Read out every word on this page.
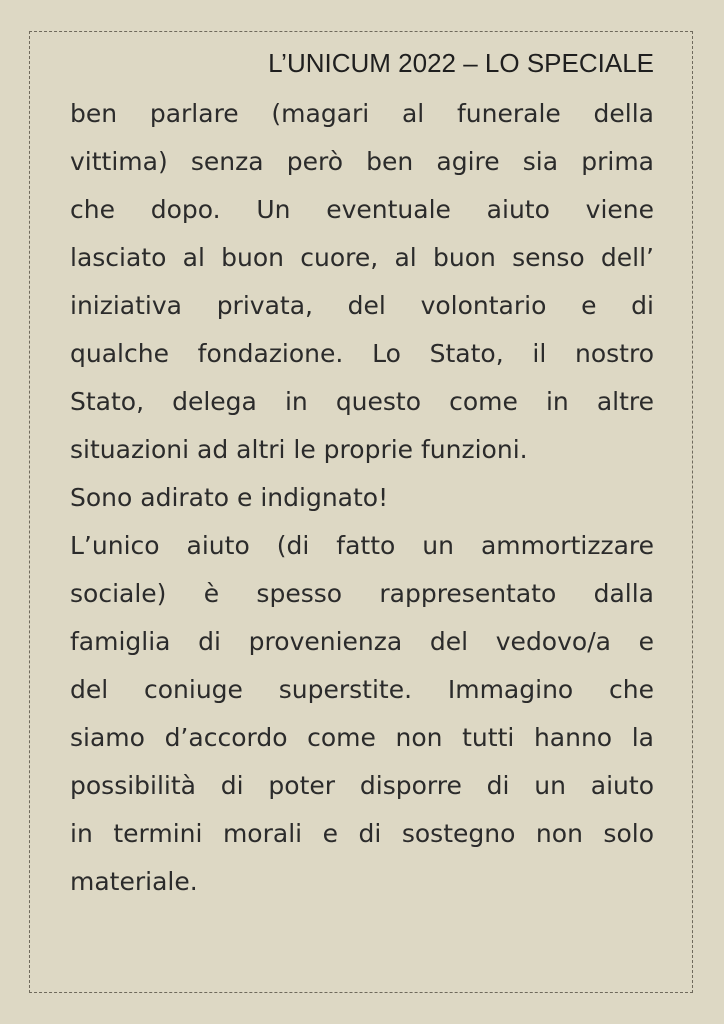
L’UNICUM 2022 – LO SPECIALE
ben parlare (magari al funerale della
vittima) senza però ben agire sia prima
che dopo. Un eventuale aiuto viene
lasciato al buon cuore, al buon senso dell’
iniziativa privata, del volontario e di
qualche fondazione. Lo Stato, il nostro
Stato, delega in questo come in altre
situazioni ad altri le proprie funzioni.
Sono adirato e indignato!
L’unico aiuto (di fatto un ammortizzare
sociale) è spesso rappresentato dalla
famiglia di provenienza del vedovo/a e
del coniuge superstite. Immagino che
siamo d’accordo come non tutti hanno la
possibilità di poter disporre di un aiuto
in termini morali e di sostegno non solo
materiale.
